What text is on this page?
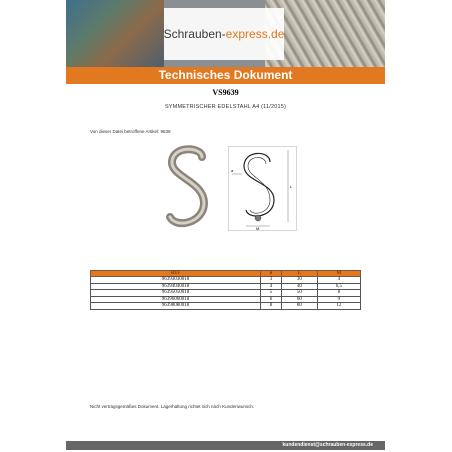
Schrauben-express.de
Technisches Dokument
VS9639
SYMMETRISCHER EDELSTAHL A4 (11/2015)
Von dieser Datei betroffene Artikel: 9639
L
a
M
REF	ø	L	M
96393030018	3	30	4
96394040018	4	40	6,5
96395050018	5	50	8
96396060018	6	60	9
96398080018	8	80	12
Nicht vertragsgemäßes Dokument. Lagerhaltung richtet sich nach Kundenwunsch.
kundendienst@schrauben-express.de
